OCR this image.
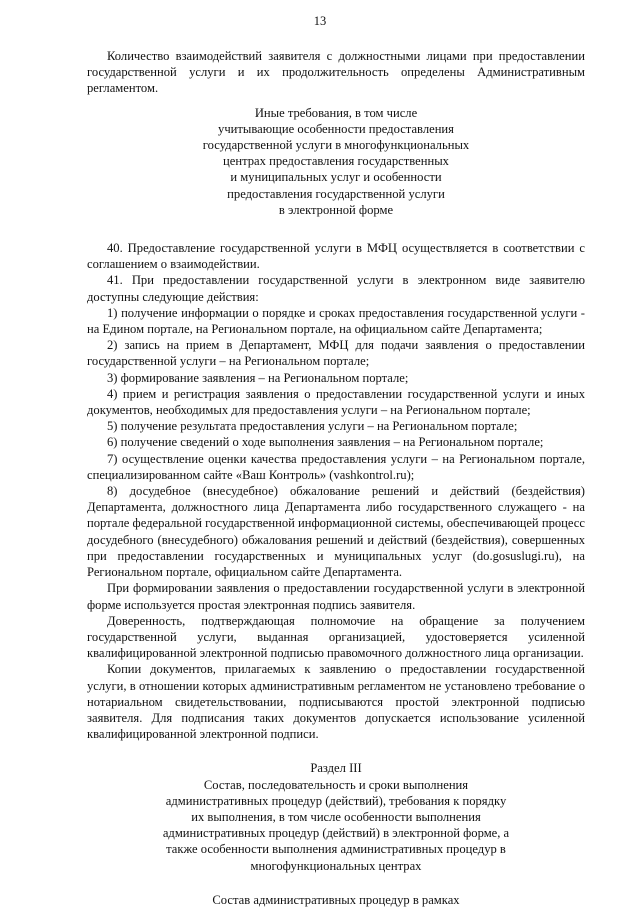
13

Количество взаимодействий заявителя с должностными лицами при предоставлении государственной услуги и их продолжительность определены Административным регламентом.

Иные требования, в том числе

учитывающие особенности предоставления

государственной услуги в многофункциональных

центрах предоставления государственных

и муниципальных услуг и особенности

предоставления государственной услуги

в электронной форме

40. Предоставление государственной услуги в МФЦ осуществляется в соответствии с соглашением о взаимодействии.

41. При предоставлении государственной услуги в электронном виде заявителю доступны следующие действия:

1) получение информации о порядке и сроках предоставления государственной услуги - на Едином портале, на Региональном портале, на официальном сайте Департамента;

2) запись на прием в Департамент, МФЦ для подачи заявления о предоставлении государственной услуги – на Региональном портале;

3) формирование заявления – на Региональном портале;

4) прием и регистрация заявления о предоставлении государственной услуги и иных документов, необходимых для предоставления услуги – на Региональном портале;

5) получение результата предоставления услуги – на Региональном портале;

6) получение сведений о ходе выполнения заявления – на Региональном портале;

7) осуществление оценки качества предоставления услуги – на Региональном портале, специализированном сайте «Ваш Контроль» (vashkontrol.ru);

8) досудебное (внесудебное) обжалование решений и действий (бездействия) Департамента, должностного лица Департамента либо государственного служащего - на портале федеральной государственной информационной системы, обеспечивающей процесс досудебного (внесудебного) обжалования решений и действий (бездействия), совершенных при предоставлении государственных и муниципальных услуг (do.gosuslugi.ru), на Региональном портале, официальном сайте Департамента.

При формировании заявления о предоставлении государственной услуги в электронной форме используется простая электронная подпись заявителя.

Доверенность, подтверждающая полномочие на обращение за получением государственной услуги, выданная организацией, удостоверяется усиленной квалифицированной электронной подписью правомочного должностного лица организации.

Копии документов, прилагаемых к заявлению о предоставлении государственной услуги, в отношении которых административным регламентом не установлено требование о нотариальном свидетельствовании, подписываются простой электронной подписью заявителя. Для подписания таких документов допускается использование усиленной квалифицированной электронной подписи.

Раздел III

Состав, последовательность и сроки выполнения

административных процедур (действий), требования к порядку

их выполнения, в том числе особенности выполнения

административных процедур (действий) в электронной форме, а

также особенности выполнения административных процедур в

многофункциональных центрах

Состав административных процедур в рамках
